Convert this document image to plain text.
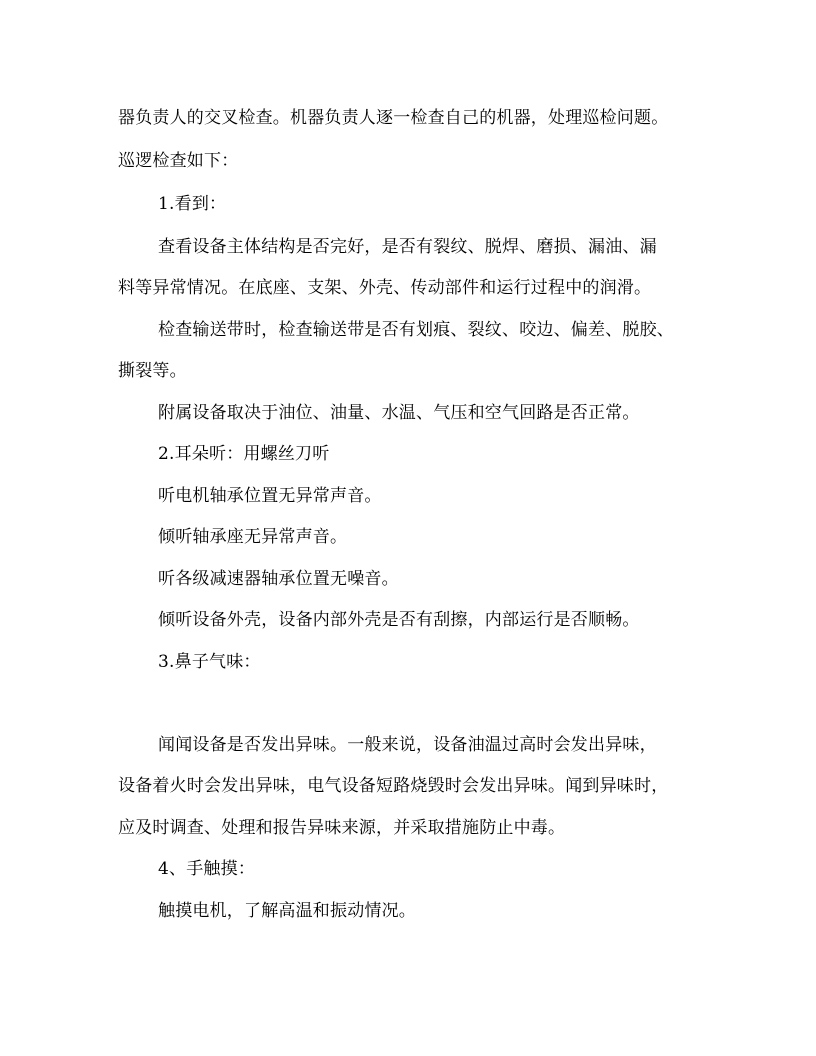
器负责人的交叉检查。机器负责人逐一检查自己的机器，处理巡检问题。
巡逻检查如下：
1.看到：
查看设备主体结构是否完好，是否有裂纹、脱焊、磨损、漏油、漏
料等异常情况。在底座、支架、外壳、传动部件和运行过程中的润滑。
检查输送带时，检查输送带是否有划痕、裂纹、咬边、偏差、脱胶、
撕裂等。
附属设备取决于油位、油量、水温、气压和空气回路是否正常。
2.耳朵听：用螺丝刀听
听电机轴承位置无异常声音。
倾听轴承座无异常声音。
听各级减速器轴承位置无噪音。
倾听设备外壳，设备内部外壳是否有刮擦，内部运行是否顺畅。
3.鼻子气味：
闻闻设备是否发出异味。一般来说，设备油温过高时会发出异味，
设备着火时会发出异味，电气设备短路烧毁时会发出异味。闻到异味时，
应及时调查、处理和报告异味来源，并采取措施防止中毒。
4、手触摸：
触摸电机，了解高温和振动情况。
